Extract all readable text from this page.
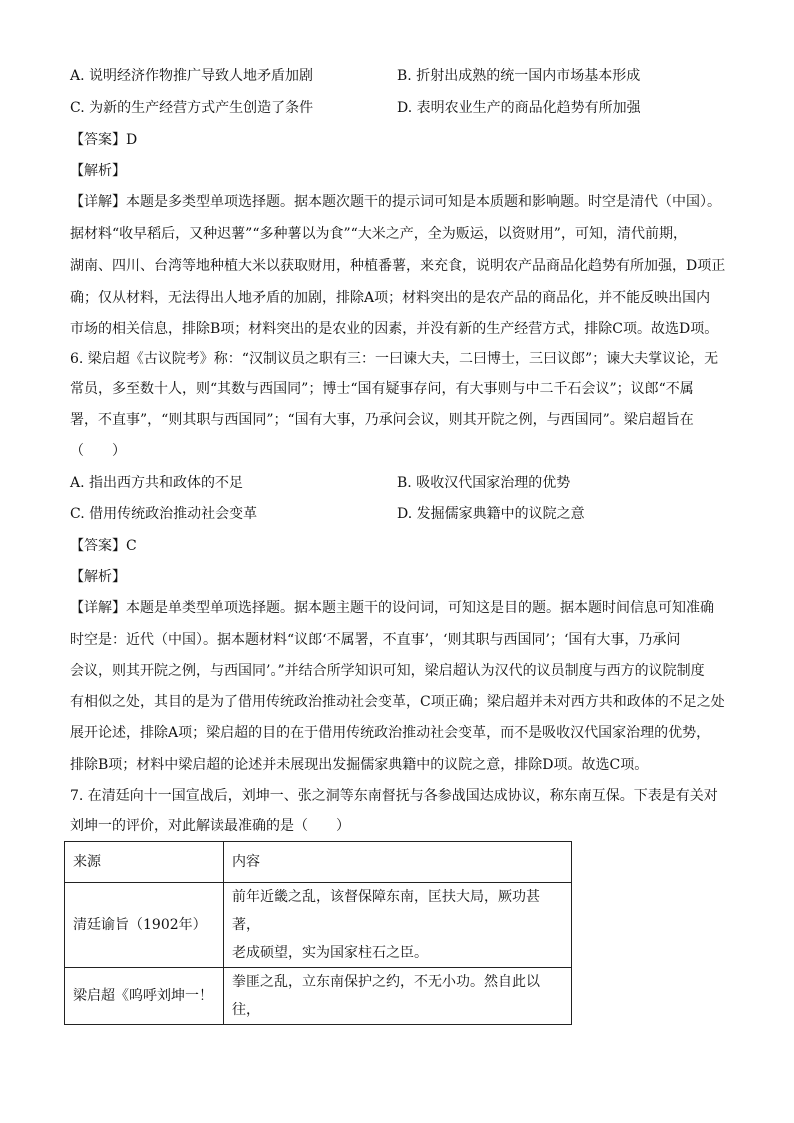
A. 说明经济作物推广导致人地矛盾加剧	B. 折射出成熟的统一国内市场基本形成
C. 为新的生产经营方式产生创造了条件	D. 表明农业生产的商品化趋势有所加强
【答案】D
【解析】
【详解】本题是多类型单项选择题。据本题次题干的提示词可知是本质题和影响题。时空是清代（中国）。
据材料“收早稻后，又种迟薯”“多种薯以为食”“大米之产，全为贩运，以资财用”，可知，清代前期，
湖南、四川、台湾等地种植大米以获取财用，种植番薯，来充食，说明农产品商品化趋势有所加强，D项正
确；仅从材料，无法得出人地矛盾的加剧，排除A项；材料突出的是农产品的商品化，并不能反映出国内
市场的相关信息，排除B项；材料突出的是农业的因素，并没有新的生产经营方式，排除C项。故选D项。
6. 梁启超《古议院考》称：“汉制议员之职有三：一曰谏大夫，二曰博士，三曰议郎”；谏大夫掌议论，无
常员，多至数十人，则“其数与西国同”；博士“国有疑事存问，有大事则与中二千石会议”；议郎“不属
署，不直事”，“则其职与西国同”；“国有大事，乃承问会议，则其开院之例，与西国同”。梁启超旨在
（　　）
A. 指出西方共和政体的不足	B. 吸收汉代国家治理的优势
C. 借用传统政治推动社会变革	D. 发掘儒家典籍中的议院之意
【答案】C
【解析】
【详解】本题是单类型单项选择题。据本题主题干的设问词，可知这是目的题。据本题时间信息可知准确
时空是：近代（中国）。据本题材料“议郎‘不属署，不直事’，‘则其职与西国同’；‘国有大事，乃承问
会议，则其开院之例，与西国同’。”并结合所学知识可知，梁启超认为汉代的议员制度与西方的议院制度
有相似之处，其目的是为了借用传统政治推动社会变革，C项正确；梁启超并未对西方共和政体的不足之处
展开论述，排除A项；梁启超的目的在于借用传统政治推动社会变革，而不是吸收汉代国家治理的优势，
排除B项；材料中梁启超的论述并未展现出发掘儒家典籍中的议院之意，排除D项。故选C项。
7. 在清廷向十一国宣战后，刘坤一、张之洞等东南督抚与各参战国达成协议，称东南互保。下表是有关对
刘坤一的评价，对此解读最准确的是（　　）
来源	内容
清廷谕旨（1902年）	前年近畿之乱，该督保障东南，匡扶大局，厥功甚著，
老成硕望，实为国家柱石之臣。

梁启超《呜呼刘坤一！	拳匪之乱，立东南保护之约，不无小功。然自此以往，
